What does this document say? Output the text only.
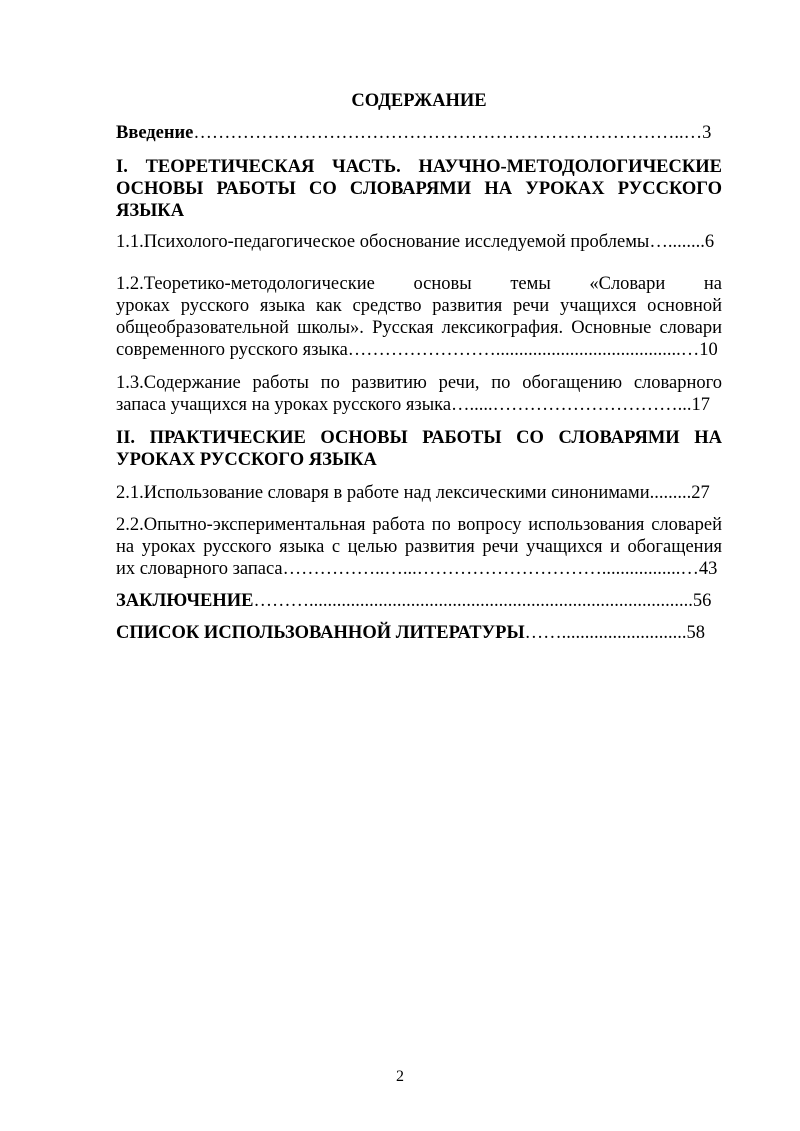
СОДЕРЖАНИЕ
Введение……………………………………………………………………..…3
I. ТЕОРЕТИЧЕСКАЯ ЧАСТЬ. НАУЧНО-МЕТОДОЛОГИЧЕСКИЕ
ОСНОВЫ РАБОТЫ СО СЛОВАРЯМИ НА УРОКАХ РУССКОГО
ЯЗЫКА
1.1.Психолого-педагогическое обоснование исследуемой проблемы…........6
1.2.Теоретико-методологические основы темы «Словари на
уроках русского языка как средство развития речи учащихся основной
общеобразовательной школы». Русская лексикография. Основные словари
современного русского языка……………………........................................…10
1.3.Содержание работы по развитию речи, по обогащению словарного
запаса учащихся на уроках русского языка….....…………………………...17
II. ПРАКТИЧЕСКИЕ ОСНОВЫ РАБОТЫ СО СЛОВАРЯМИ НА
УРОКАХ РУССКОГО ЯЗЫКА
2.1.Использование словаря в работе над лексическими синонимами.........27
2.2.Опытно-экспериментальная работа по вопросу использования словарей
на уроках русского языка с целью развития речи учащихся и обогащения
их словарного запаса……………..…...………………………….................…43
ЗАКЛЮЧЕНИЕ………...................................................................................56
СПИСОК ИСПОЛЬЗОВАННОЙ ЛИТЕРАТУРЫ……...........................58
2
